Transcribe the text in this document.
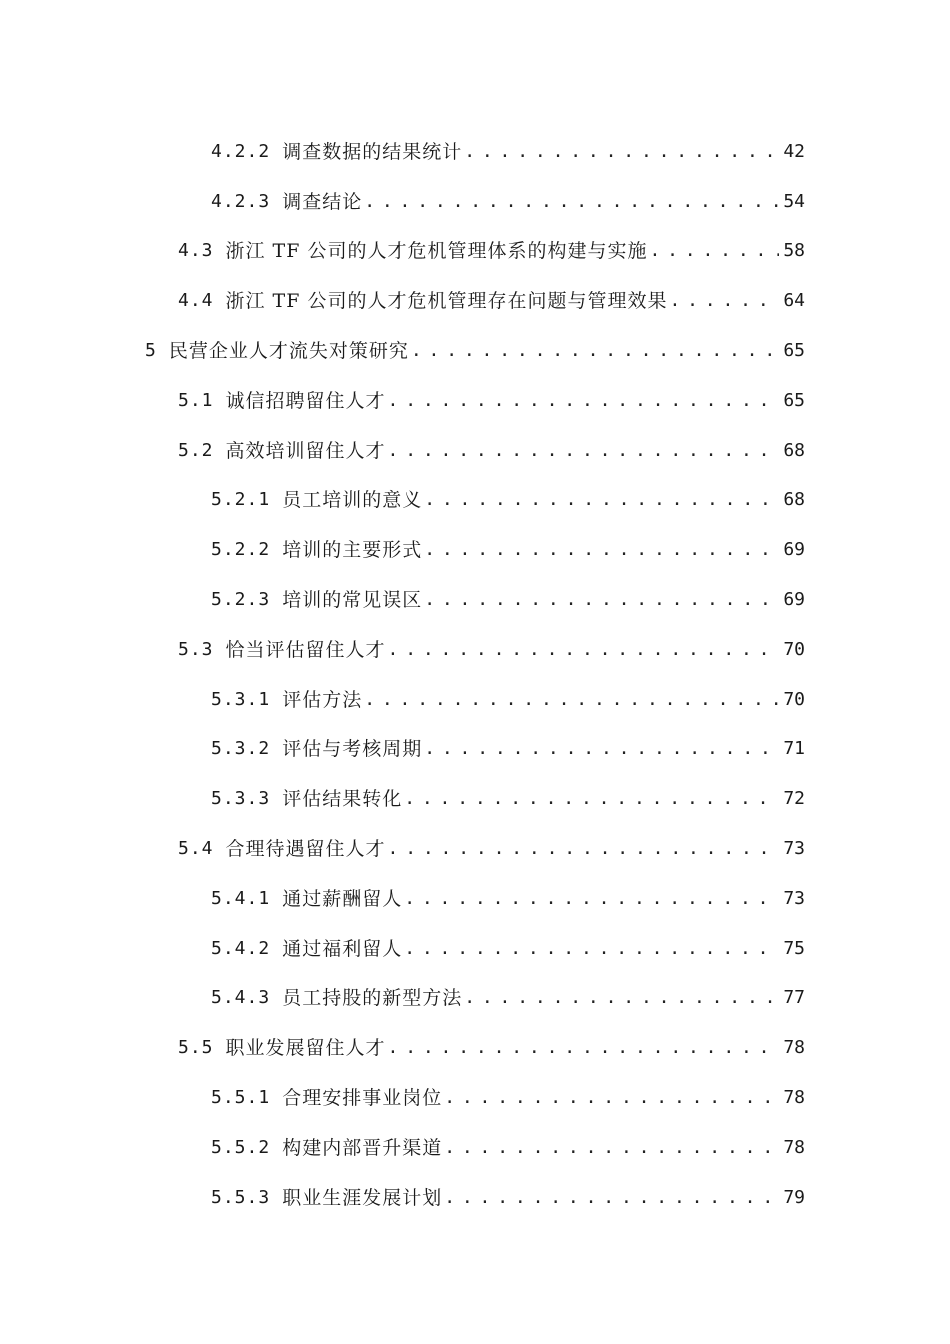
4.2.2 调查数据的结果统计 . . .	42
4.2.3 调查结论 . . .	54
4.3 浙江 TF 公司的人才危机管理体系的构建与实施 . . .	58
4.4 浙江 TF 公司的人才危机管理存在问题与管理效果 . . .	64
5 民营企业人才流失对策研究 . . .	65
5.1 诚信招聘留住人才 . . .	65
5.2 高效培训留住人才 . . .	68
5.2.1 员工培训的意义 . . .	68
5.2.2 培训的主要形式 . . .	69
5.2.3 培训的常见误区 . . .	69
5.3 恰当评估留住人才 . . .	70
5.3.1 评估方法 . . .	70
5.3.2 评估与考核周期 . . .	71
5.3.3 评估结果转化 . . .	72
5.4 合理待遇留住人才 . . .	73
5.4.1 通过薪酬留人 . . .	73
5.4.2 通过福利留人 . . .	75
5.4.3 员工持股的新型方法 . . .	77
5.5 职业发展留住人才 . . .	78
5.5.1 合理安排事业岗位 . . .	78
5.5.2 构建内部晋升渠道 . . .	78
5.5.3 职业生涯发展计划 . . .	79
